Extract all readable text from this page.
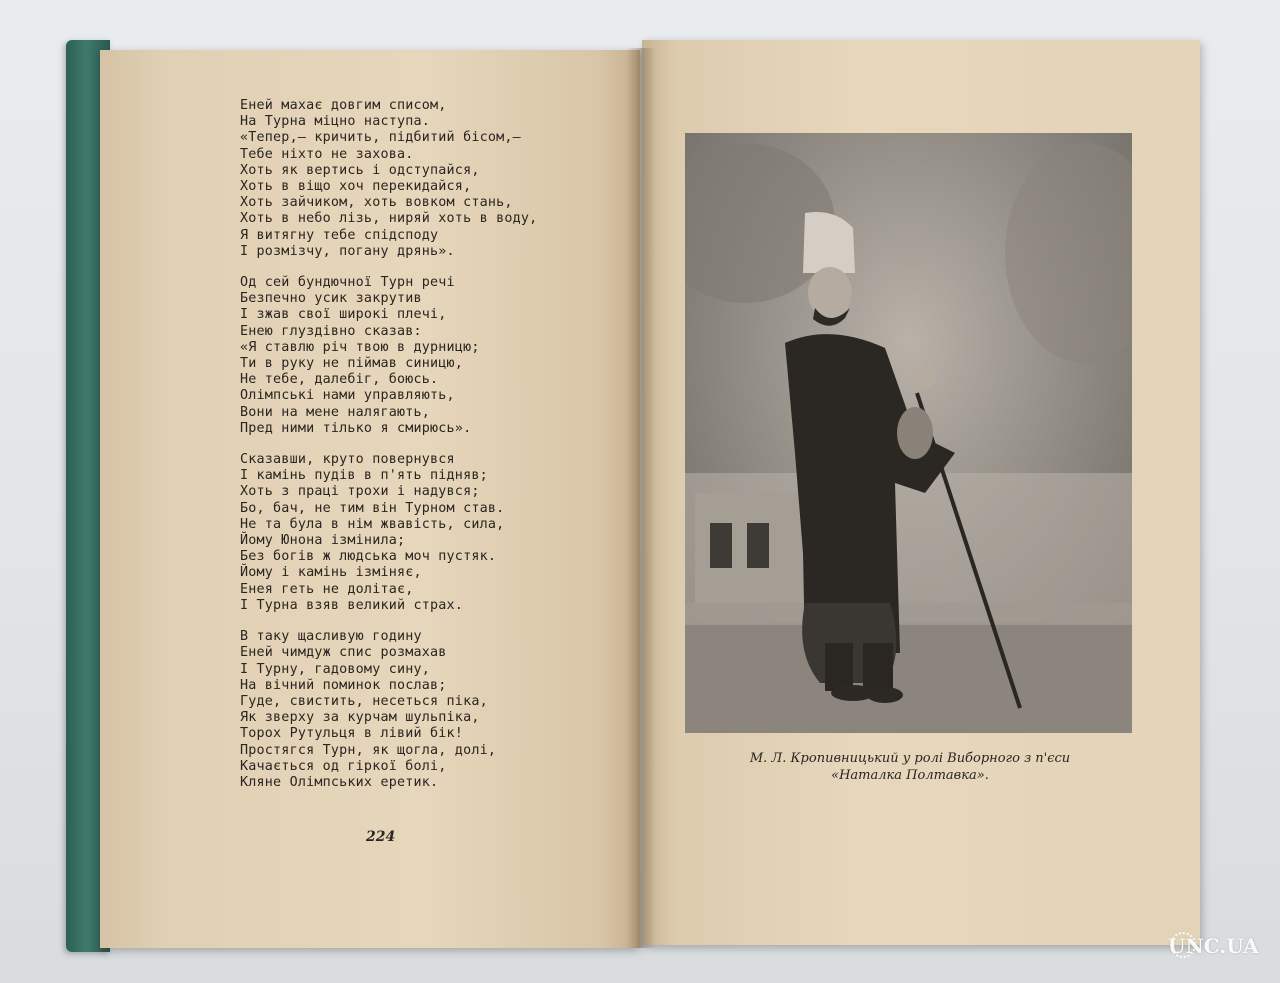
Еней махає довгим списом,
На Турна міцно наступа.
«Тепер,— кричить, підбитий бісом,—
Тебе ніхто не захова.
Хоть як вертись і одступайся,
Хоть в віщо хоч перекидайся,
Хоть зайчиком, хоть вовком стань,
Хоть в небо лізь, ниряй хоть в воду,
Я витягну тебе спідсподу
І розмізчу, погану дрянь».
Од сей бундючної Турн речі
Безпечно усик закрутив
І зжав свої широкі плечі,
Енею глуздівно сказав:
«Я ставлю річ твою в дурницю;
Ти в руку не піймав синицю,
Не тебе, далебіг, боюсь.
Олімпські нами управляють,
Вони на мене налягають,
Пред ними тілько я смирюсь».
Сказавши, круто повернувся
І камінь пудів в п'ять підняв;
Хоть з праці трохи і надувся;
Бо, бач, не тим він Турном став.
Не та була в нім жвавість, сила,
Йому Юнона ізмінила;
Без богів ж людська моч пустяк.
Йому і камінь ізміняє,
Енея геть не долітає,
І Турна взяв великий страх.
В таку щасливую годину
Еней чимдуж спис розмахав
І Турну, гадовому сину,
На вічний поминок послав;
Гуде, свистить, несеться піка,
Як зверху за курчам шульпіка,
Торох Рутульця в лівий бік!
Простягся Турн, як щогла, долі,
Качається од гіркої болі,
Кляне Олімпських еретик.
224
М. Л. Кропивницький у ролі Виборного з п'єси
«Наталка Полтавка».
UNC.UA
